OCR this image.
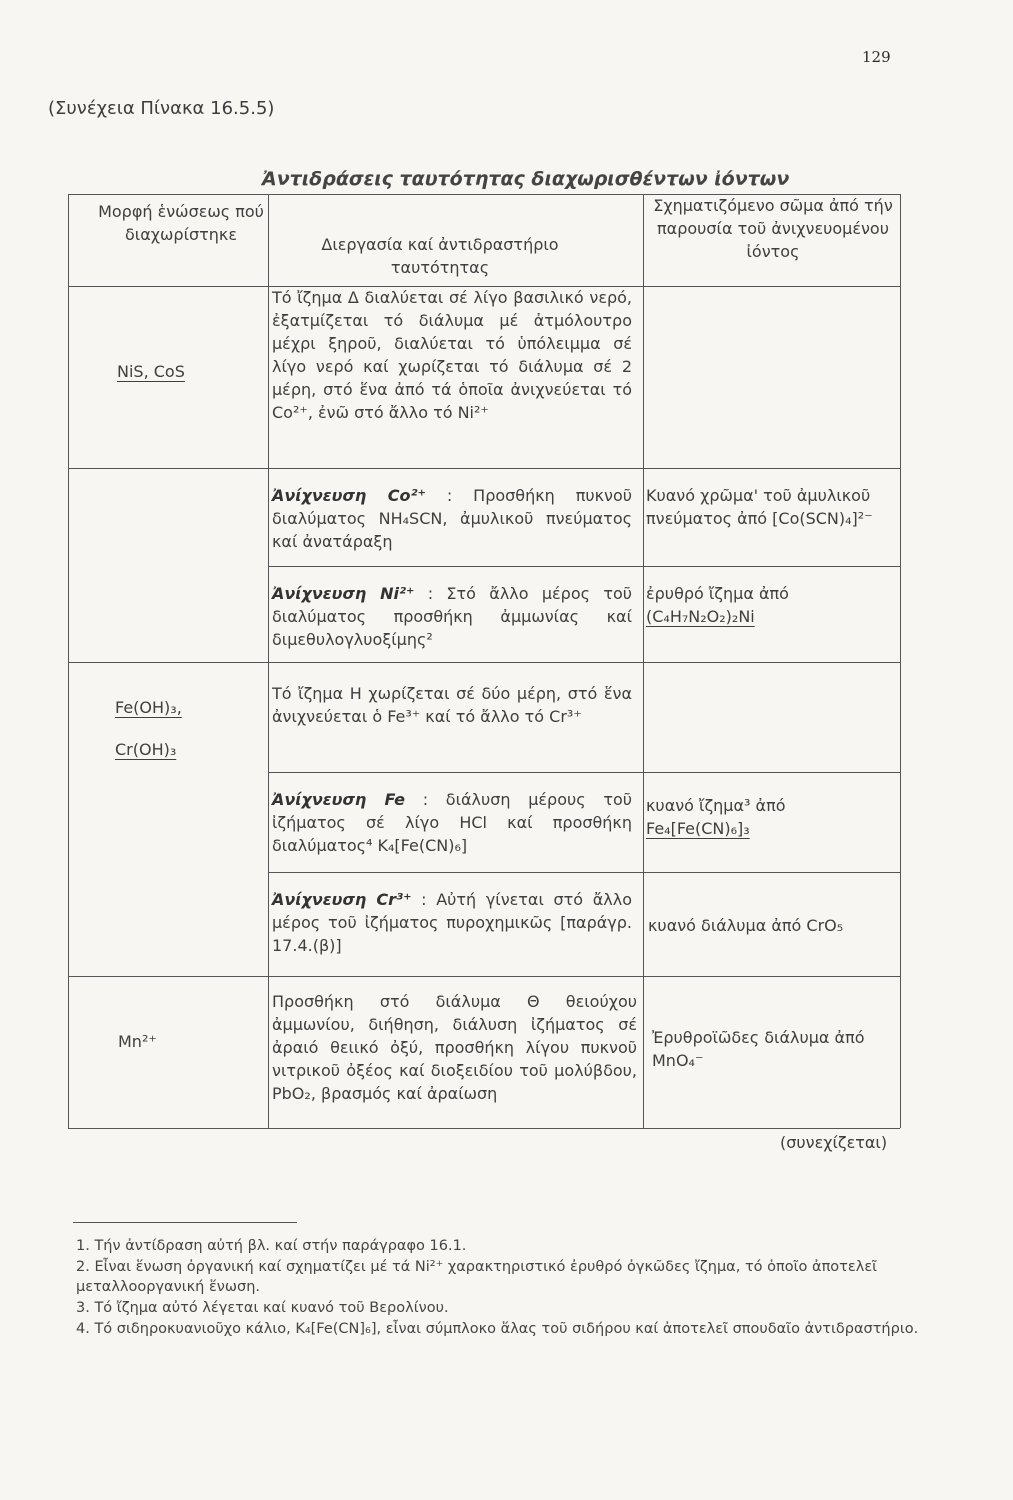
129
(Συνέχεια Πίνακα 16.5.5)
Ἀντιδράσεις ταυτότητας διαχωρισθέντων ἰόντων
Μορφή ἑνώσεως πού διαχωρίστηκε
Διεργασία καί ἀντιδραστήριο ταυτότητας
Σχηματιζόμενο σῶμα ἀπό τήν παρουσία τοῦ ἀνιχνευομένου ἰόντος
NiS, CoS
Τό ἴζημα Δ διαλύεται σέ λίγο βασιλικό νερό, ἐξατμίζεται τό διάλυμα μέ ἀτμόλουτρο μέχρι ξηροῦ, διαλύεται τό ὑπόλειμμα σέ λίγο νερό καί χωρίζεται τό διάλυμα σέ 2 μέρη, στό ἕνα ἀπό τά ὁποῖα ἀνιχνεύεται τό Co²⁺, ἐνῶ στό ἄλλο τό Ni²⁺
Ἀνίχνευση Co²⁺ : Προσθήκη πυκνοῦ διαλύματος NH₄SCN, ἀμυλικοῦ πνεύματος καί ἀνατάραξη
Κυανό χρῶμα' τοῦ ἀμυλικοῦ πνεύματος ἀπό [Co(SCN)₄]²⁻
Ἀνίχνευση Ni²⁺ : Στό ἄλλο μέρος τοῦ διαλύματος προσθήκη ἀμμωνίας καί διμεθυλογλυοξίμης²
ἐρυθρό ἴζημα ἀπό
(C₄H₇N₂O₂)₂Ni
Fe(OH)₃,
Cr(OH)₃
Τό ἴζημα Η χωρίζεται σέ δύο μέρη, στό ἕνα ἀνιχνεύεται ὁ Fe³⁺ καί τό ἄλλο τό Cr³⁺
Ἀνίχνευση Fe : διάλυση μέρους τοῦ ἰζήματος σέ λίγο HCl καί προσθήκη διαλύματος⁴ K₄[Fe(CN)₆]
κυανό ἴζημα³ ἀπό
Fe₄[Fe(CN)₆]₃
Ἀνίχνευση Cr³⁺ : Αὐτή γίνεται στό ἄλλο μέρος τοῦ ἰζήματος πυροχημικῶς [παράγρ. 17.4.(β)]
κυανό διάλυμα ἀπό CrO₅
Mn²⁺
Προσθήκη στό διάλυμα Θ θειούχου ἀμμωνίου, διήθηση, διάλυση ἰζήματος σέ ἀραιό θειικό ὀξύ, προσθήκη λίγου πυκνοῦ νιτρικοῦ ὀξέος καί διοξειδίου τοῦ μολύβδου, PbO₂, βρασμός καί ἀραίωση
Ἐρυθροϊῶδες διάλυμα ἀπό MnO₄⁻
(συνεχίζεται)
1. Τήν ἀντίδραση αὐτή βλ. καί στήν παράγραφο 16.1.
2. Εἶναι ἕνωση ὀργανική καί σχηματίζει μέ τά Ni²⁺ χαρακτηριστικό ἐρυθρό ὀγκῶδες ἴζημα, τό ὁποῖο ἀποτελεῖ μεταλλοοργανική ἕνωση.
3. Τό ἴζημα αὐτό λέγεται καί κυανό τοῦ Βερολίνου.
4. Τό σιδηροκυανιοῦχο κάλιο, K₄[Fe(CN]₆], εἶναι σύμπλοκο ἅλας τοῦ σιδήρου καί ἀποτελεῖ σπουδαῖο ἀντιδραστήριο.
